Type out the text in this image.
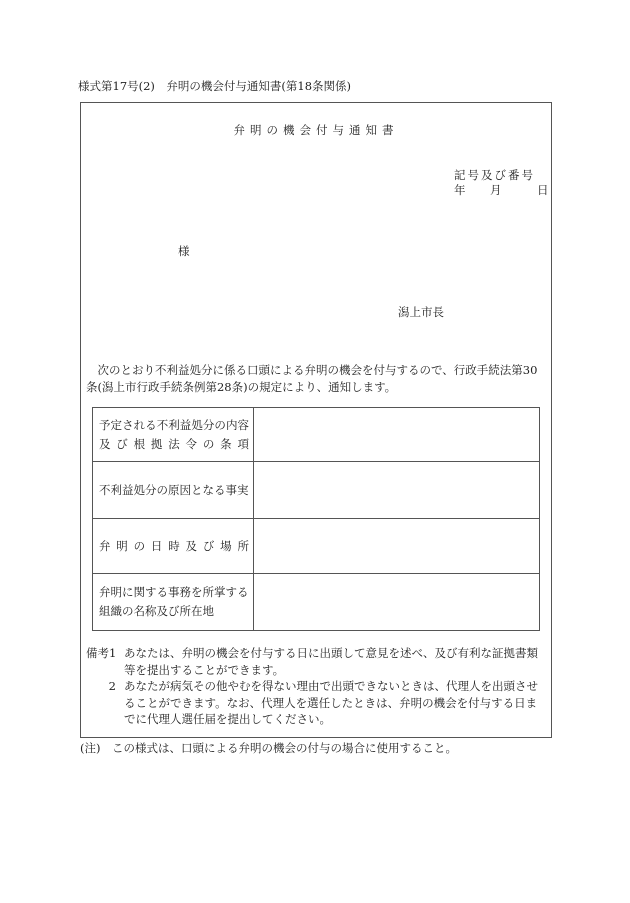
様式第17号(2)　弁明の機会付与通知書(第18条関係)
弁明の機会付与通知書
記号及び番号
年 月	日
様
潟上市長

次のとおり不利益処分に係る口頭による弁明の機会を付与するので、行政手続法第30条(潟上市行政手続条例第28条)の規定により、通知します。

予定される不利益処分の内容及び根拠法令の条項	

不利益処分の原因となる事実	

弁明の日時及び場所	

弁明に関する事務を所掌する組織の名称及び所在地	

備考1 あなたは、弁明の機会を付与する日に出頭して意見を述べ、及び有利な証拠書類等を提出することができます。
2 あなたが病気その他やむを得ない理由で出頭できないときは、代理人を出頭させることができます。なお、代理人を選任したときは、弁明の機会を付与する日までに代理人選任届を提出してください。
(注)　 この様式は、口頭による弁明の機会の付与の場合に使用すること。
